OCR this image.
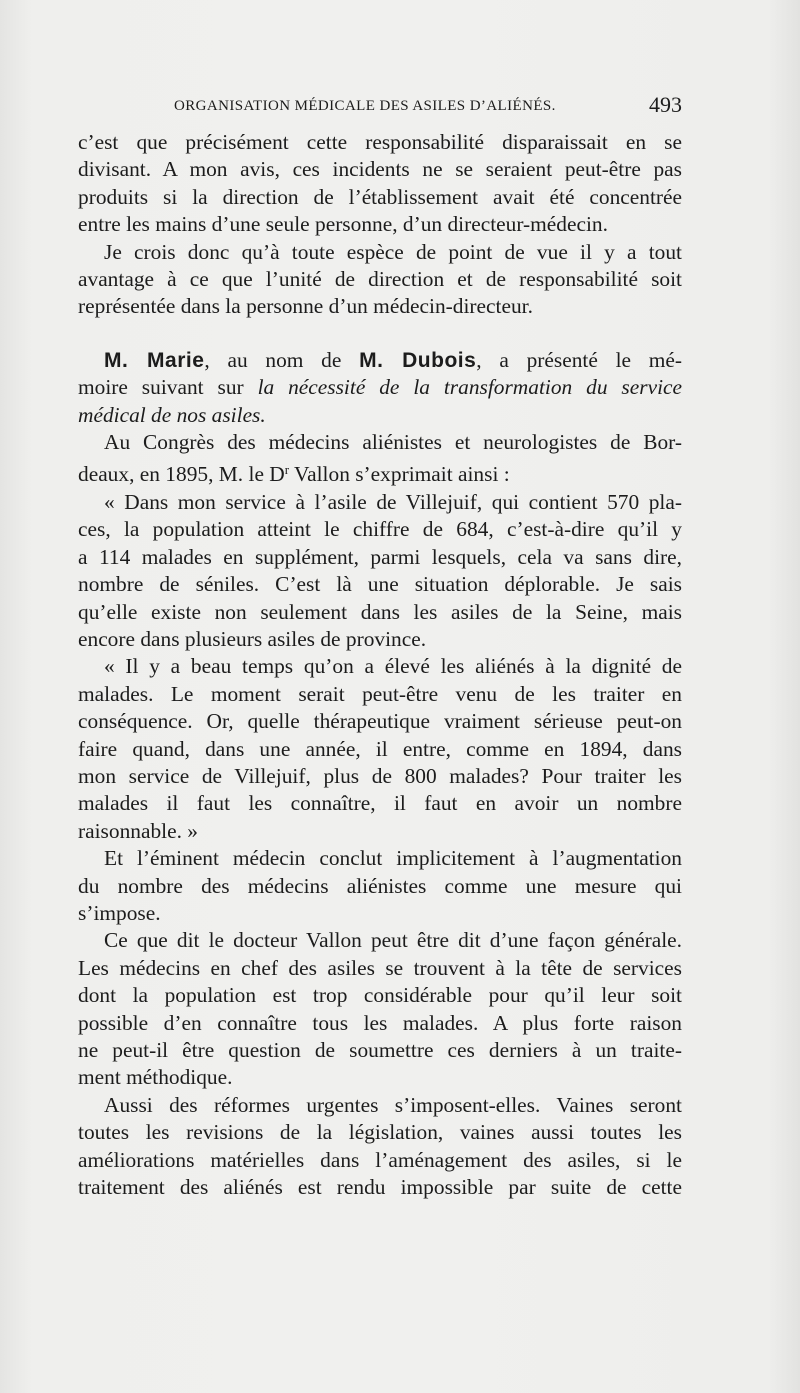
ORGANISATION MÉDICALE DES ASILES D’ALIÉNÉS.	493

c’est que précisément cette responsabilité disparaissait en se

divisant. A mon avis, ces incidents ne se seraient peut-être pas

produits si la direction de l’établissement avait été concentrée

entre les mains d’une seule personne, d’un directeur-médecin.

Je crois donc qu’à toute espèce de point de vue il y a tout

avantage à ce que l’unité de direction et de responsabilité soit

représentée dans la personne d’un médecin-directeur.

M. Marie, au nom de M. Dubois, a présenté le mé-

moire suivant sur la nécessité de la transformation du service

médical de nos asiles.

Au Congrès des médecins aliénistes et neurologistes de Bor-

deaux, en 1895, M. le $D^r$ Vallon s’exprimait ainsi :

« Dans mon service à l’asile de Villejuif, qui contient 570 pla-

ces, la population atteint le chiffre de 684, c’est-à-dire qu’il y

a 114 malades en supplément, parmi lesquels, cela va sans dire,

nombre de séniles. C’est là une situation déplorable. Je sais

qu’elle existe non seulement dans les asiles de la Seine, mais

encore dans plusieurs asiles de province.

« Il y a beau temps qu’on a élevé les aliénés à la dignité de

malades. Le moment serait peut-être venu de les traiter en

conséquence. Or, quelle thérapeutique vraiment sérieuse peut-on

faire quand, dans une année, il entre, comme en 1894, dans

mon service de Villejuif, plus de 800 malades? Pour traiter les

malades il faut les connaître, il faut en avoir un nombre

raisonnable. »

Et l’éminent médecin conclut implicitement à l’augmentation

du nombre des médecins aliénistes comme une mesure qui

s’impose.

Ce que dit le docteur Vallon peut être dit d’une façon générale.

Les médecins en chef des asiles se trouvent à la tête de services

dont la population est trop considérable pour qu’il leur soit

possible d’en connaître tous les malades. A plus forte raison

ne peut-il être question de soumettre ces derniers à un traite-

ment méthodique.

Aussi des réformes urgentes s’imposent-elles. Vaines seront

toutes les revisions de la législation, vaines aussi toutes les

améliorations matérielles dans l’aménagement des asiles, si le

traitement des aliénés est rendu impossible par suite de cette
